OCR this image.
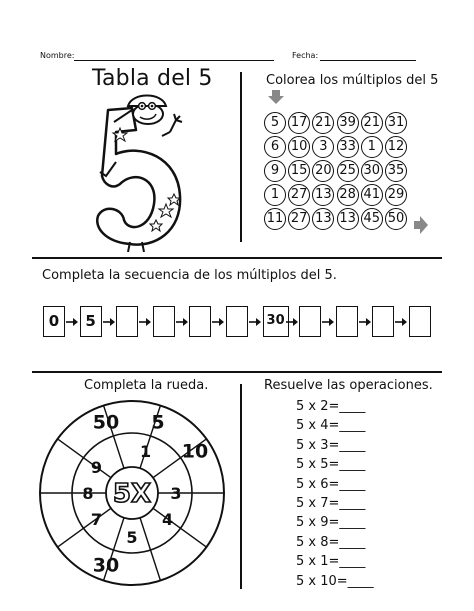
Nombre:	Fecha:
Tabla del 5	Colorea los múltiplos del 5
5 17 21 39 21 31
6 10 3 33 1 12
9 15 20 25 30 35
1 27 13 28 41 29
11 27 13 13 45 50
Completa la secuencia de los múltiplos del 5.
0	5	30
Completa la rueda.
5X
50 5
10
30
1
3
4
5
7
8
9
Resuelve las operaciones.
5 x 2=____
5 x 4=____
5 x 3=____
5 x 5=____
5 x 6=____
5 x 7=____
5 x 9=____
5 x 8=____
5 x 1=____
5 x 10=____
